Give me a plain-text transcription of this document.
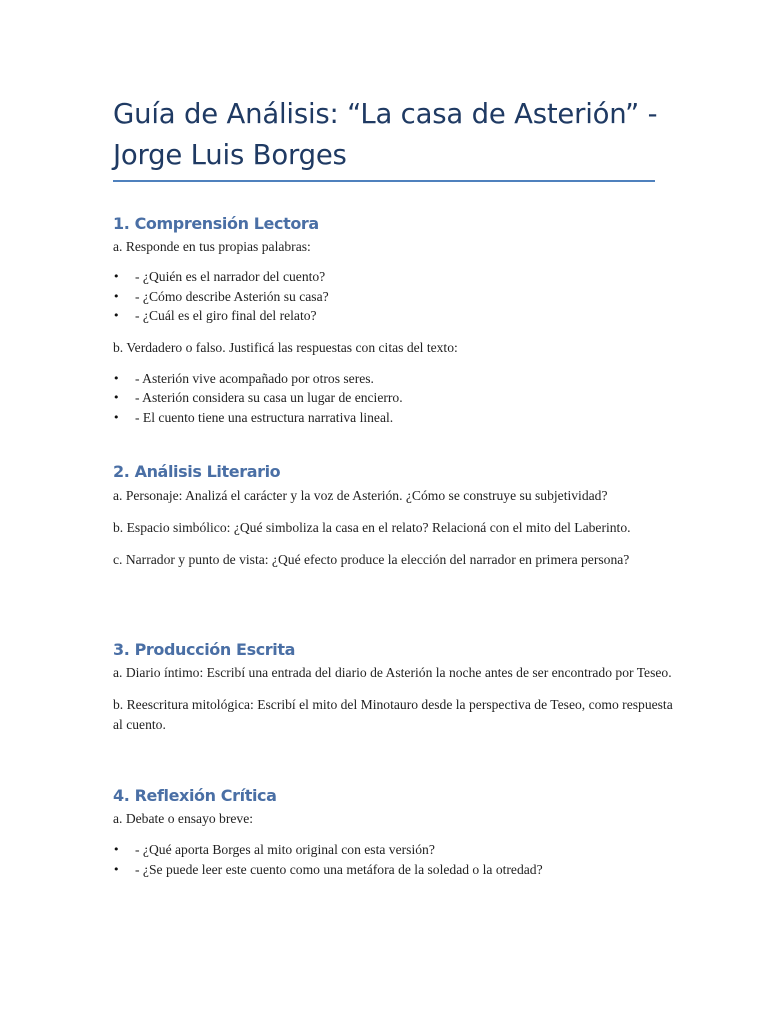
Guía de Análisis: “La casa de Asterión” - Jorge Luis Borges
1. Comprensión Lectora

a. Responde en tus propias palabras:

• - ¿Quién es el narrador del cuento?
• - ¿Cómo describe Asterión su casa?
• - ¿Cuál es el giro final del relato?

b. Verdadero o falso. Justificá las respuestas con citas del texto:

• - Asterión vive acompañado por otros seres.
• - Asterión considera su casa un lugar de encierro.
• - El cuento tiene una estructura narrativa lineal.
2. Análisis Literario

a. Personaje: Analizá el carácter y la voz de Asterión. ¿Cómo se construye su subjetividad?

b. Espacio simbólico: ¿Qué simboliza la casa en el relato? Relacioná con el mito del Laberinto.

c. Narrador y punto de vista: ¿Qué efecto produce la elección del narrador en primera persona?

3. Producción Escrita

a. Diario íntimo: Escribí una entrada del diario de Asterión la noche antes de ser encontrado por Teseo.

b. Reescritura mitológica: Escribí el mito del Minotauro desde la perspectiva de Teseo, como respuesta al cuento.

4. Reflexión Crítica

a. Debate o ensayo breve:

• - ¿Qué aporta Borges al mito original con esta versión?
• - ¿Se puede leer este cuento como una metáfora de la soledad o la otredad?
